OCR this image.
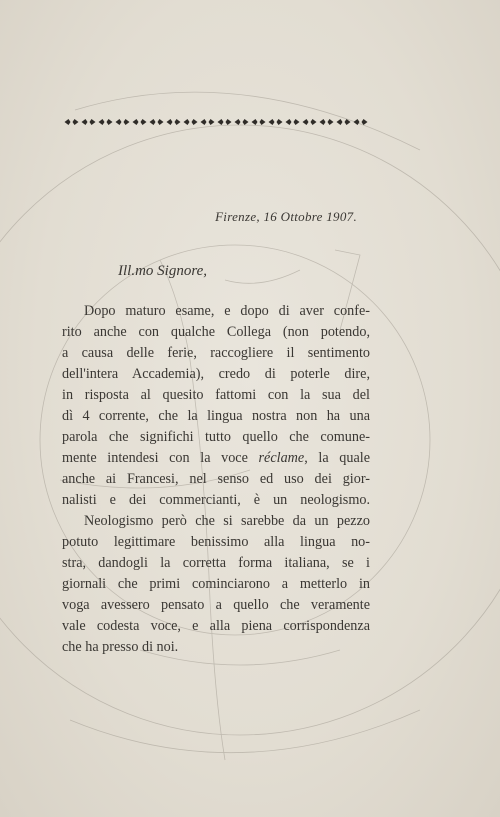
Firenze, 16 Ottobre 1907.
Ill.mo Signore,
Dopo maturo esame, e dopo di aver confe-
rito anche con qualche Collega (non potendo,
a causa delle ferie, raccogliere il sentimento
dell'intera Accademia), credo di poterle dire,
in risposta al quesito fattomi con la sua del
dì 4 corrente, che la lingua nostra non ha una
parola che significhi tutto quello che comune-
mente intendesi con la voce réclame, la quale
anche ai Francesi, nel senso ed uso dei gior-
nalisti e dei commercianti, è un neologismo.
Neologismo però che si sarebbe da un pezzo
potuto legittimare benissimo alla lingua no-
stra, dandogli la corretta forma italiana, se i
giornali che primi cominciarono a metterlo in
voga avessero pensato a quello che veramente
vale codesta voce, e alla piena corrispondenza
che ha presso di noi.
